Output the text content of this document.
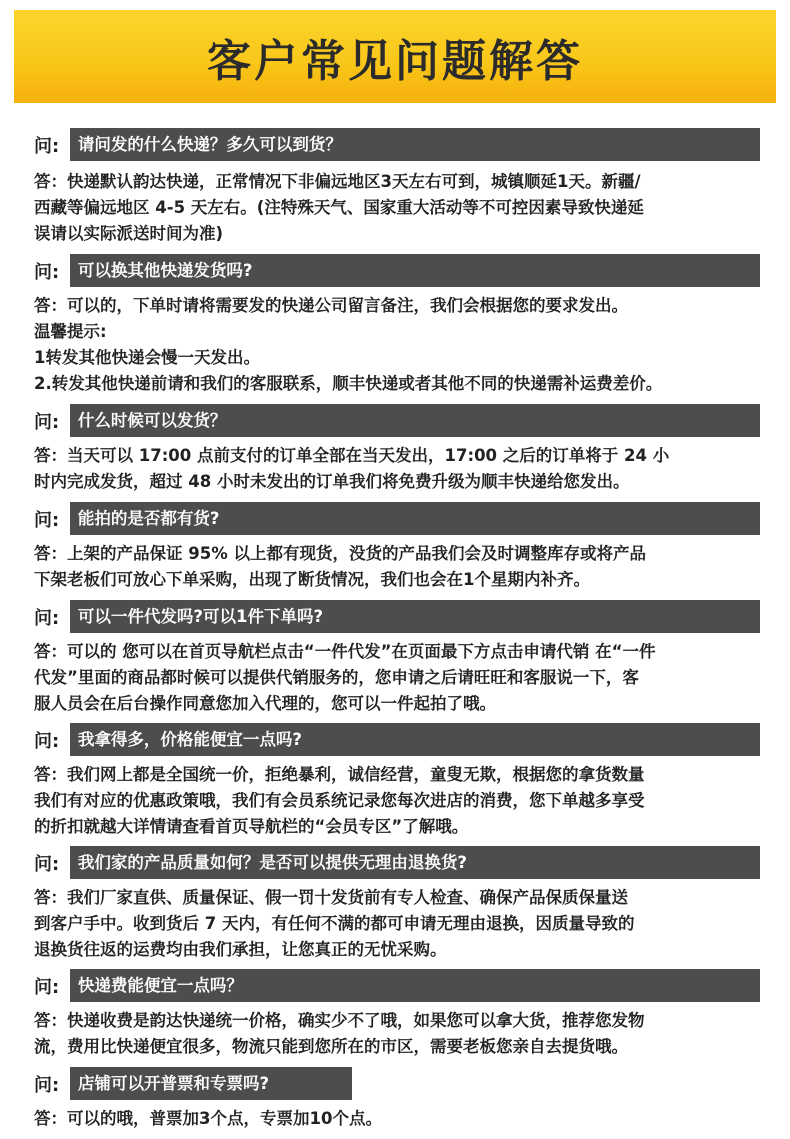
客户常见问题解答
问:	请问发的什么快递？多久可以到货？

答：快递默认韵达快递，正常情况下非偏远地区3天左右可到，城镇顺延1天。新疆/
西藏等偏远地区 4-5 天左右。(注特殊天气、国家重大活动等不可控因素导致快递延
误请以实际派送时间为准)

问:	可以换其他快递发货吗?

答：可以的，下单时请将需要发的快递公司留言备注，我们会根据您的要求发出。
温馨提示:
1转发其他快递会慢一天发出。
2.转发其他快递前请和我们的客服联系，顺丰快递或者其他不同的快递需补运费差价。

问:	什么时候可以发货？

答：当天可以 17:00 点前支付的订单全部在当天发出，17:00 之后的订单将于 24 小
时内完成发货，超过 48 小时未发出的订单我们将免费升级为顺丰快递给您发出。

问:	能拍的是否都有货?

答：上架的产品保证 95% 以上都有现货，没货的产品我们会及时调整库存或将产品
下架老板们可放心下单采购，出现了断货情况，我们也会在1个星期内补齐。

问:	可以一件代发吗?可以1件下单吗?

答：可以的 您可以在首页导航栏点击“一件代发”在页面最下方点击申请代销 在“一件
代发”里面的商品都时候可以提供代销服务的，您申请之后请旺旺和客服说一下，客
服人员会在后台操作同意您加入代理的，您可以一件起拍了哦。

问:	我拿得多，价格能便宜一点吗?

答：我们网上都是全国统一价，拒绝暴利，诚信经营，童叟无欺，根据您的拿货数量
我们有对应的优惠政策哦，我们有会员系统记录您每次进店的消费，您下单越多享受
的折扣就越大详情请查看首页导航栏的“会员专区”了解哦。

问:	我们家的产品质量如何？是否可以提供无理由退换货?

答：我们厂家直供、质量保证、假一罚十发货前有专人检查、确保产品保质保量送
到客户手中。收到货后 7 天内，有任何不满的都可申请无理由退换，因质量导致的
退换货往返的运费均由我们承担，让您真正的无忧采购。

问:	快递费能便宜一点吗？

答：快递收费是韵达快递统一价格，确实少不了哦，如果您可以拿大货，推荐您发物
流，费用比快递便宜很多，物流只能到您所在的市区，需要老板您亲自去提货哦。

问:	店铺可以开普票和专票吗?

答：可以的哦，普票加3个点，专票加10个点。
